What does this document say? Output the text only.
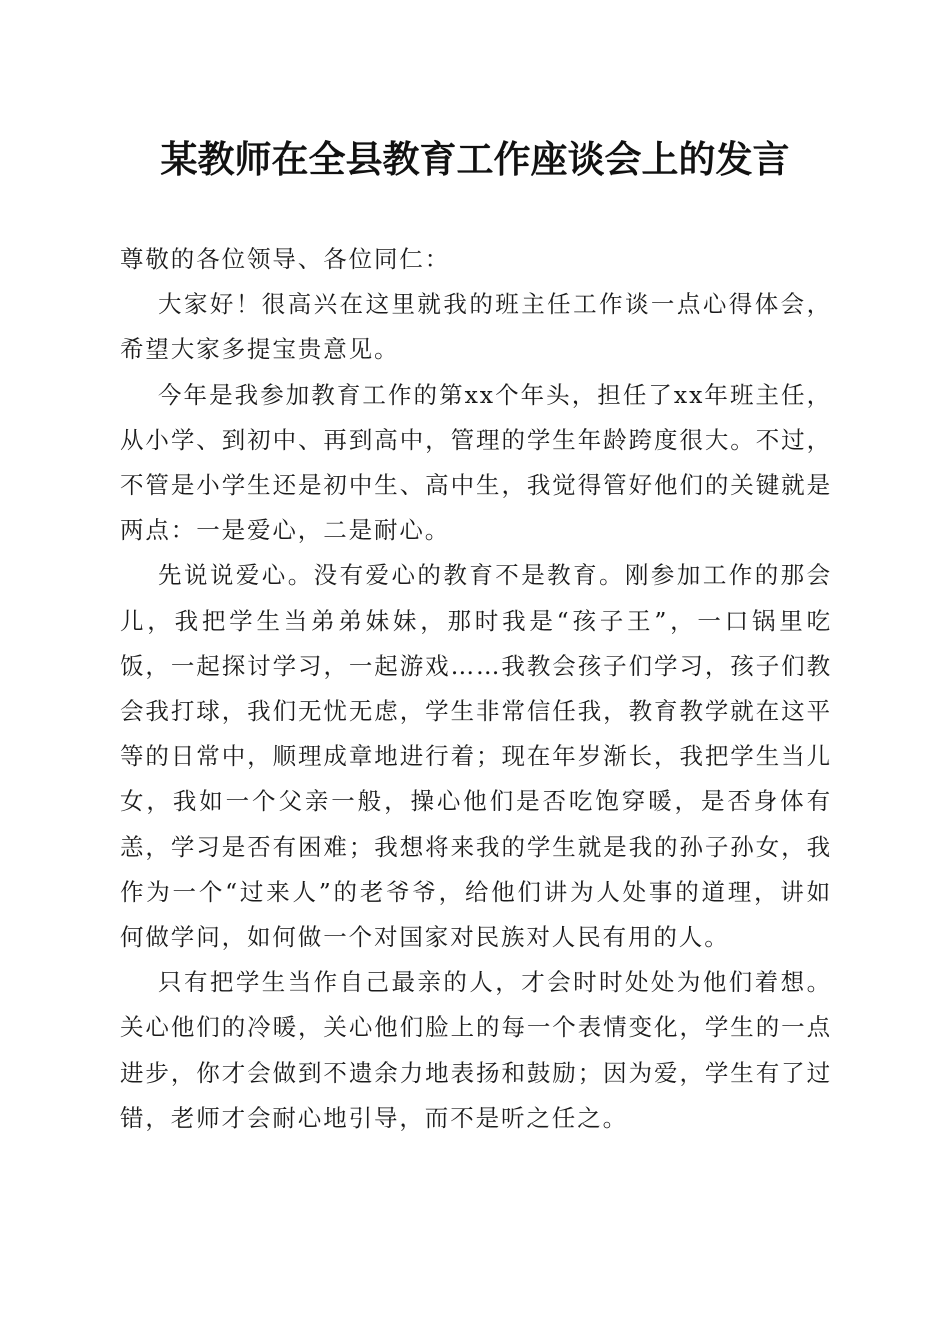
某教师在全县教育工作座谈会上的发言

尊敬的各位领导、各位同仁：

大家好！很高兴在这里就我的班主任工作谈一点心得体会，希望大家多提宝贵意见。

今年是我参加教育工作的第xx个年头，担任了xx年班主任，从小学、到初中、再到高中，管理的学生年龄跨度很大。不过，不管是小学生还是初中生、高中生，我觉得管好他们的关键就是两点：一是爱心，二是耐心。

先说说爱心。没有爱心的教育不是教育。刚参加工作的那会儿，我把学生当弟弟妹妹，那时我是“孩子王”，一口锅里吃饭，一起探讨学习，一起游戏……我教会孩子们学习，孩子们教会我打球，我们无忧无虑，学生非常信任我，教育教学就在这平等的日常中，顺理成章地进行着；现在年岁渐长，我把学生当儿女，我如一个父亲一般，操心他们是否吃饱穿暖，是否身体有恙，学习是否有困难；我想将来我的学生就是我的孙子孙女，我作为一个“过来人”的老爷爷，给他们讲为人处事的道理，讲如何做学问，如何做一个对国家对民族对人民有用的人。

只有把学生当作自己最亲的人，才会时时处处为他们着想。关心他们的冷暖，关心他们脸上的每一个表情变化，学生的一点进步，你才会做到不遗余力地表扬和鼓励；因为爱，学生有了过错，老师才会耐心地引导，而不是听之任之。
